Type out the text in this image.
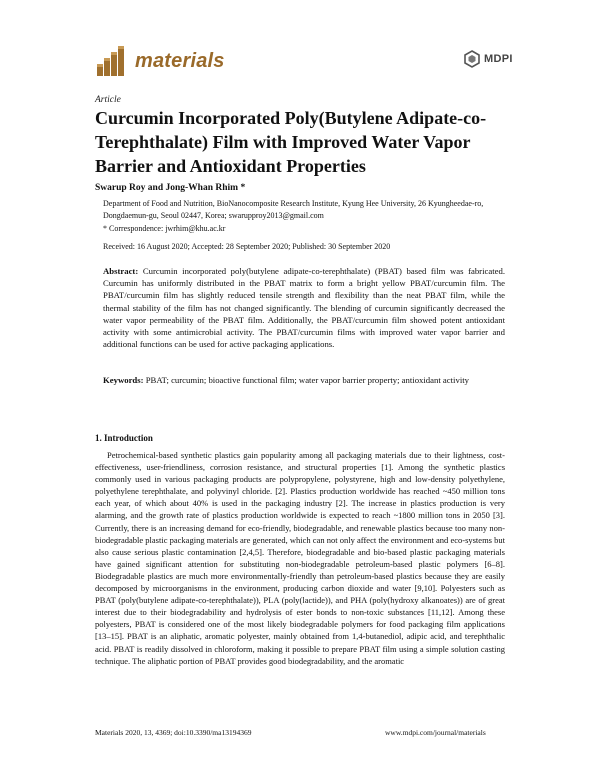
materials	MDPI
Article
Curcumin Incorporated Poly(Butylene Adipate-co-Terephthalate) Film with Improved Water Vapor Barrier and Antioxidant Properties
Swarup Roy and Jong-Whan Rhim *
Department of Food and Nutrition, BioNanocomposite Research Institute, Kyung Hee University, 26 Kyungheedae-ro, Dongdaemun-gu, Seoul 02447, Korea; swarupproy2013@gmail.com
* Correspondence: jwrhim@khu.ac.kr
Received: 16 August 2020; Accepted: 28 September 2020; Published: 30 September 2020

Abstract: Curcumin incorporated poly(butylene adipate-co-terephthalate) (PBAT) based film was fabricated. Curcumin has uniformly distributed in the PBAT matrix to form a bright yellow PBAT/curcumin film. The PBAT/curcumin film has slightly reduced tensile strength and flexibility than the neat PBAT film, while the thermal stability of the film has not changed significantly. The blending of curcumin significantly decreased the water vapor permeability of the PBAT film. Additionally, the PBAT/curcumin film showed potent antioxidant activity with some antimicrobial activity. The PBAT/curcumin films with improved water vapor barrier and additional functions can be used for active packaging applications.

Keywords: PBAT; curcumin; bioactive functional film; water vapor barrier property; antioxidant activity

1. Introduction

Petrochemical-based synthetic plastics gain popularity among all packaging materials due to their lightness, cost-effectiveness, user-friendliness, corrosion resistance, and structural properties [1]. Among the synthetic plastics commonly used in various packaging products are polypropylene, polystyrene, high and low-density polyethylene, polyethylene terephthalate, and polyvinyl chloride. [2]. Plastics production worldwide has reached ~450 million tons each year, of which about 40% is used in the packaging industry [2]. The increase in plastics production is very alarming, and the growth rate of plastics production worldwide is expected to reach ~1800 million tons in 2050 [3]. Currently, there is an increasing demand for eco-friendly, biodegradable, and renewable plastics because too many non-biodegradable plastic packaging materials are generated, which can not only affect the environment and eco-systems but also cause serious plastic contamination [2,4,5]. Therefore, biodegradable and bio-based plastic packaging materials have gained significant attention for substituting non-biodegradable petroleum-based plastic polymers [6–8]. Biodegradable plastics are much more environmentally-friendly than petroleum-based plastics because they are easily decomposed by microorganisms in the environment, producing carbon dioxide and water [9,10]. Polyesters such as PBAT (poly(butylene adipate-co-terephthalate)), PLA (poly(lactide)), and PHA (poly(hydroxy alkanoates)) are of great interest due to their biodegradability and hydrolysis of ester bonds to non-toxic substances [11,12]. Among these polyesters, PBAT is considered one of the most likely biodegradable polymers for food packaging film applications [13–15]. PBAT is an aliphatic, aromatic polyester, mainly obtained from 1,4-butanediol, adipic acid, and terephthalic acid. PBAT is readily dissolved in chloroform, making it possible to prepare PBAT film using a simple solution casting technique. The aliphatic portion of PBAT provides good biodegradability, and the aromatic

Materials 2020, 13, 4369; doi:10.3390/ma13194369	www.mdpi.com/journal/materials
